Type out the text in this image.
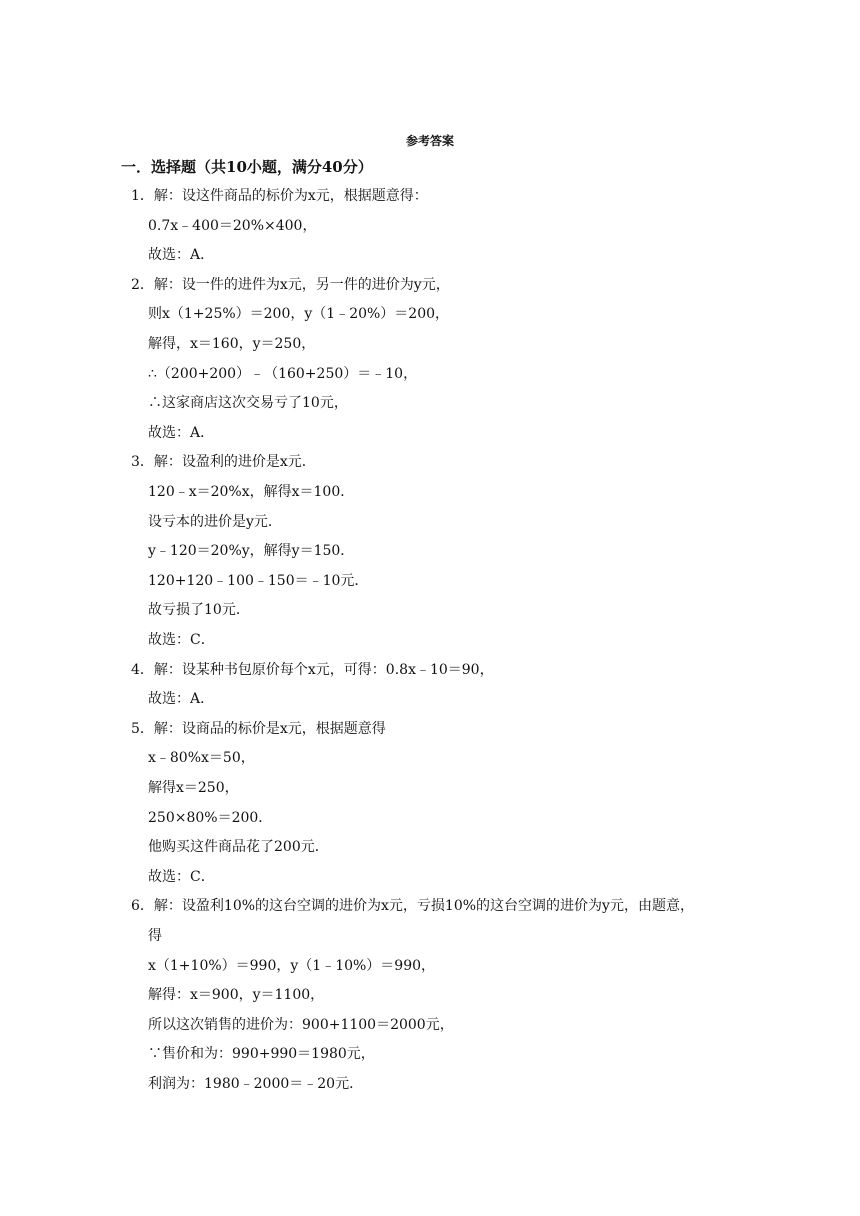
参考答案
一．选择题（共10小题，满分40分）
1．解：设这件商品的标价为x元，根据题意得：
0.7x﹣400＝20%×400，
故选：A．
2．解：设一件的进件为x元，另一件的进价为y元，
则x（1+25%）＝200，y（1﹣20%）＝200，
解得，x＝160，y＝250，
∴（200+200）﹣（160+250）＝﹣10，
∴这家商店这次交易亏了10元，
故选：A．
3．解：设盈利的进价是x元．
120﹣x＝20%x，解得x＝100．
设亏本的进价是y元．
y﹣120＝20%y，解得y＝150．
120+120﹣100﹣150＝﹣10元．
故亏损了10元．
故选：C．
4．解：设某种书包原价每个x元，可得：0.8x﹣10＝90，
故选：A．
5．解：设商品的标价是x元，根据题意得
x﹣80%x＝50，
解得x＝250，
250×80%＝200．
他购买这件商品花了200元．
故选：C．
6．解：设盈利10%的这台空调的进价为x元，亏损10%的这台空调的进价为y元，由题意，
得
x（1+10%）＝990，y（1﹣10%）＝990，
解得：x＝900，y＝1100，
所以这次销售的进价为：900+1100＝2000元，
∵售价和为：990+990＝1980元，
利润为：1980﹣2000＝﹣20元．
